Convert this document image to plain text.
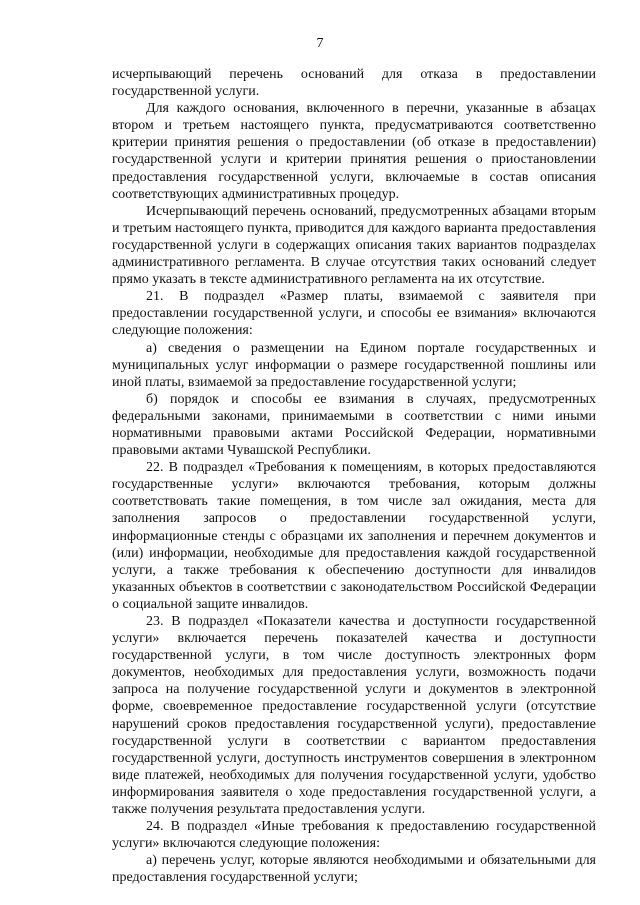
7

исчерпывающий перечень оснований для отказа в предоставлении государственной услуги.

Для каждого основания, включенного в перечни, указанные в абзацах втором и третьем настоящего пункта, предусматриваются соответственно критерии принятия решения о предоставлении (об отказе в предоставлении) государственной услуги и критерии принятия решения о приостановлении предоставления государственной услуги, включаемые в состав описания соответствующих административных процедур.

Исчерпывающий перечень оснований, предусмотренных абзацами вторым и третьим настоящего пункта, приводится для каждого варианта предоставления государственной услуги в содержащих описания таких вариантов подразделах административного регламента. В случае отсутствия таких оснований следует прямо указать в тексте административного регламента на их отсутствие.

21. В подраздел «Размер платы, взимаемой с заявителя при предоставлении государственной услуги, и способы ее взимания» включаются следующие положения:

а) сведения о размещении на Едином портале государственных и муниципальных услуг информации о размере государственной пошлины или иной платы, взимаемой за предоставление государственной услуги;

б) порядок и способы ее взимания в случаях, предусмотренных федеральными законами, принимаемыми в соответствии с ними иными нормативными правовыми актами Российской Федерации, нормативными правовыми актами Чувашской Республики.

22. В подраздел «Требования к помещениям, в которых предоставляются государственные услуги» включаются требования, которым должны соответствовать такие помещения, в том числе зал ожидания, места для заполнения запросов о предоставлении государственной услуги, информационные стенды с образцами их заполнения и перечнем документов и (или) информации, необходимые для предоставления каждой государственной услуги, а также требования к обеспечению доступности для инвалидов указанных объектов в соответствии с законодательством Российской Федерации о социальной защите инвалидов.

23. В подраздел «Показатели качества и доступности государственной услуги» включается перечень показателей качества и доступности государственной услуги, в том числе доступность электронных форм документов, необходимых для предоставления услуги, возможность подачи запроса на получение государственной услуги и документов в электронной форме, своевременное предоставление государственной услуги (отсутствие нарушений сроков предоставления государственной услуги), предоставление государственной услуги в соответствии с вариантом предоставления государственной услуги, доступность инструментов совершения в электронном виде платежей, необходимых для получения государственной услуги, удобство информирования заявителя о ходе предоставления государственной услуги, а также получения результата предоставления услуги.

24. В подраздел «Иные требования к предоставлению государственной услуги» включаются следующие положения:

а) перечень услуг, которые являются необходимыми и обязательными для предоставления государственной услуги;
